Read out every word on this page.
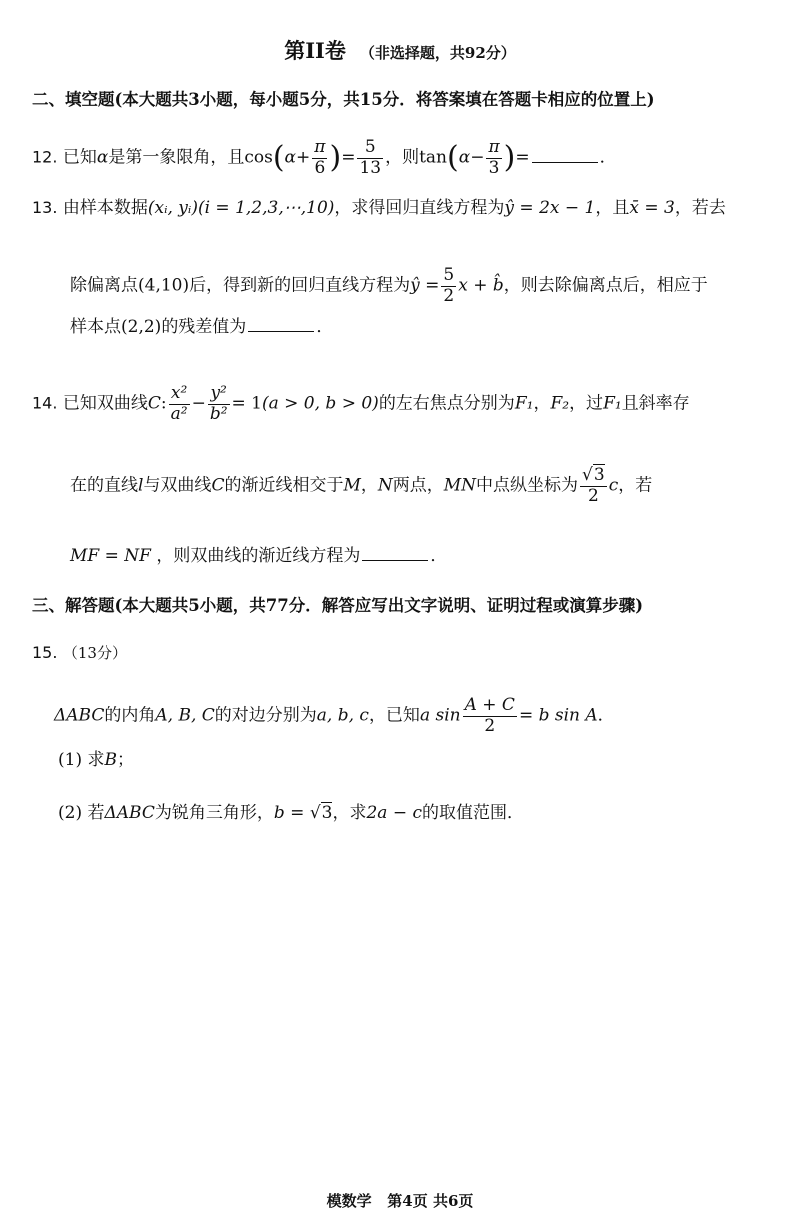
第II卷 （非选择题，共92分）
二、填空题(本大题共3小题，每小题5分，共15分．将答案填在答题卡相应的位置上)
12. 已知α是第一象限角，且$\cos(\alpha+ \frac{\pi}{6}$ )= $\frac{5}{13}$ ，则$\tan(\alpha- \frac{\pi}{3}$ )=	．
13. 由样本数据(xᵢ, yᵢ)(i = 1,2,3,⋯,10)，求得回归直线方程为ŷ = 2x − 1，且x̄ = 3，若去
除偏离点(4,10)后，得到新的回归直线方程为ŷ = $\frac{5}{2}$ x + b̂，则去除偏离点后，相应于
样本点(2,2)的残差值为	．
14. 已知双曲线C: $\frac{\text{x²}}{\text{a²}} - \frac{\text{y²}}{\text{b²}} = 1(a > 0$, b > 0)的左右焦点分别为F₁，F₂，过F₁且斜率存
在的直线l与双曲线C的渐近线相交于M，N两点，MN中点纵坐标为 $\frac{√3}{2}$ c，若
MF = NF ，则双曲线的渐近线方程为	．
三、解答题(本大题共5小题，共77分．解答应写出文字说明、证明过程或演算步骤)
15. （13分）
ΔABC的内角A, B, C的对边分别为a, b, c，已知a $\sin \frac{A + C}{2} = b$ sin A．
(1) 求B；
(2) 若ΔABC为锐角三角形，b = √3，求2a − c的取值范围．
模数学 第4页 共6页
